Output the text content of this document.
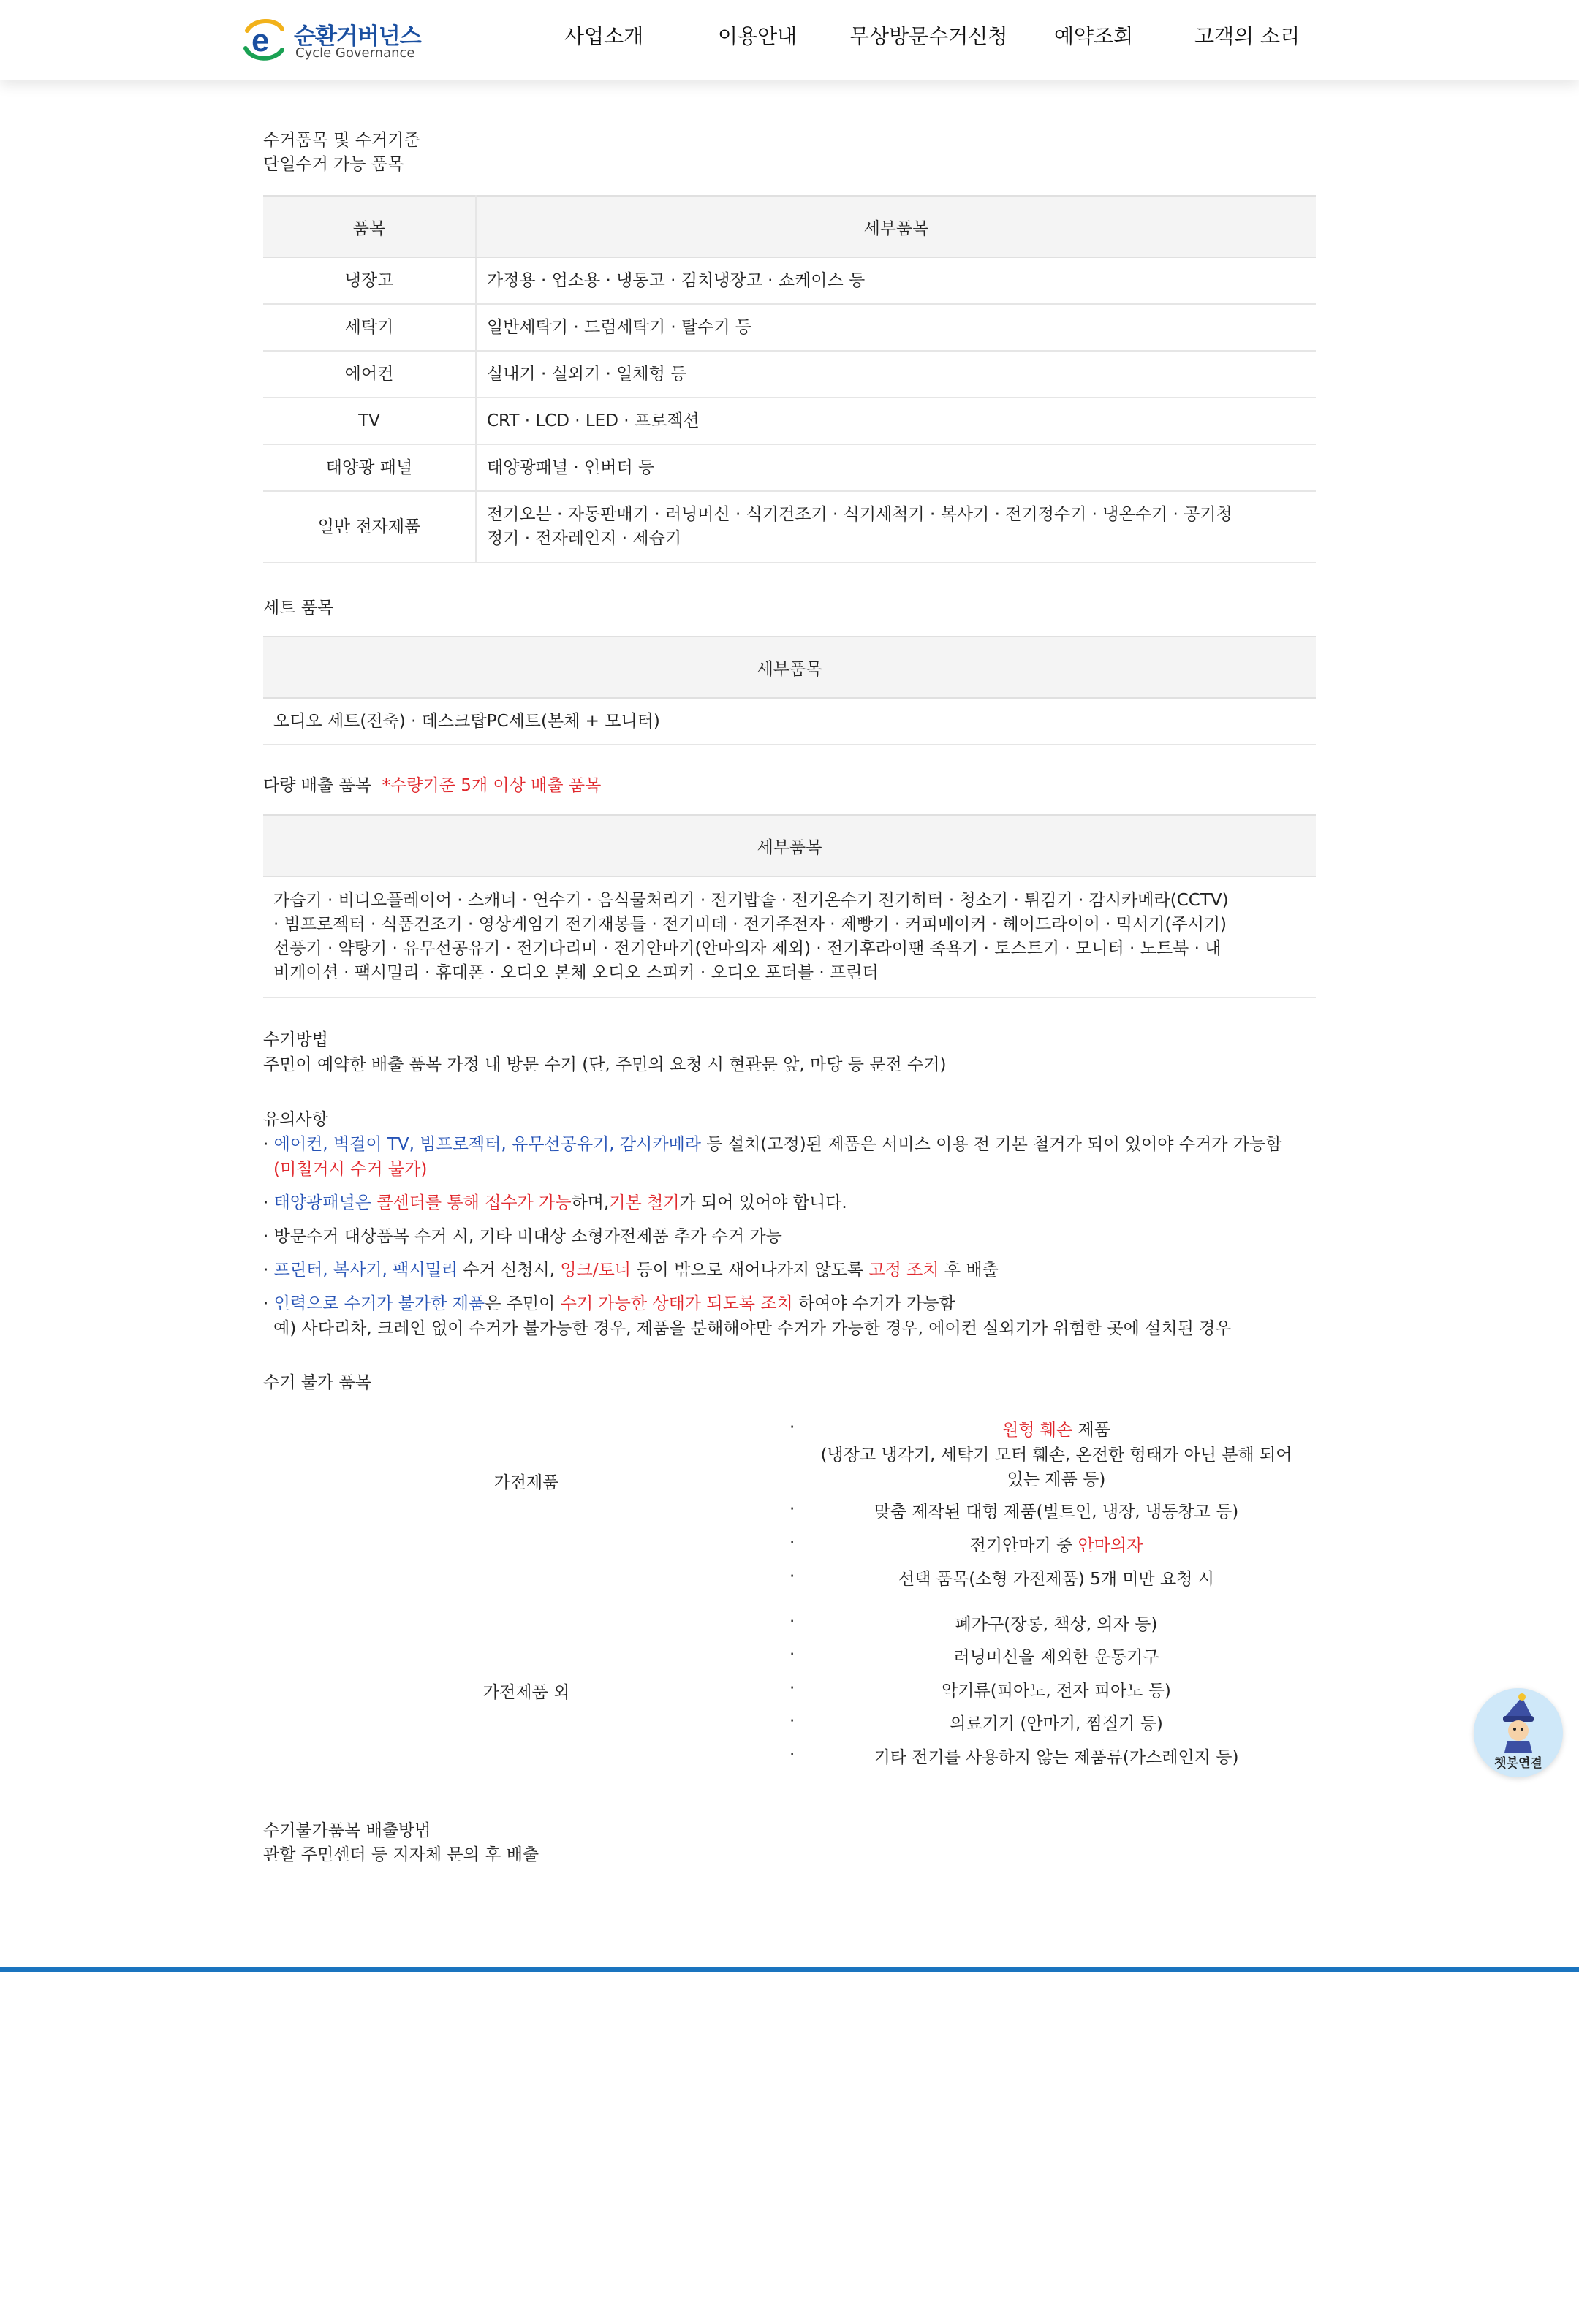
e 순환거버넌스
Cycle Governance
사업소개	이용안내	무상방문수거신청 예약조회	고객의 소리
수거품목 및 수거기준
단일수거 가능 품목
품목	세부품목
냉장고	가정용 · 업소용 · 냉동고 · 김치냉장고 · 쇼케이스 등
세탁기	일반세탁기 · 드럼세탁기 · 탈수기 등
에어컨	실내기 · 실외기 · 일체형 등
TV	CRT · LCD · LED · 프로젝션
태양광 패널	태양광패널 · 인버터 등
일반 전자제품	전기오븐 · 자동판매기 · 러닝머신 · 식기건조기 · 식기세척기 · 복사기 · 전기정수기 · 냉온수기 · 공기청
정기 · 전자레인지 · 제습기
세트 품목
세부품목
오디오 세트(전축) · 데스크탑PC세트(본체 + 모니터)
다량 배출 품목 *수량기준 5개 이상 배출 품목
세부품목

가습기 · 비디오플레이어 · 스캐너 · 연수기 · 음식물처리기 · 전기밥솥 · 전기온수기 전기히터 · 청소기 · 튀김기 · 감시카메라(CCTV)
· 빔프로젝터 · 식품건조기 · 영상게임기 전기재봉틀 · 전기비데 · 전기주전자 · 제빵기 · 커피메이커 · 헤어드라이어 · 믹서기(주서기)
선풍기 · 약탕기 · 유무선공유기 · 전기다리미 · 전기안마기(안마의자 제외) · 전기후라이팬 족욕기 · 토스트기 · 모니터 · 노트북 · 내
비게이션 · 팩시밀리 · 휴대폰 · 오디오 본체 오디오 스피커 · 오디오 포터블 · 프린터
수거방법
주민이 예약한 배출 품목 가정 내 방문 수거 (단, 주민의 요청 시 현관문 앞, 마당 등 문전 수거)
유의사항
· 에어컨, 벽걸이 TV, 빔프로젝터, 유무선공유기, 감시카메라 등 설치(고정)된 제품은 서비스 이용 전 기본 철거가 되어 있어야 수거가 가능함
(미철거시 수거 불가)
· 태양광패널은 콜센터를 통해 접수가 가능하며,기본 철거가 되어 있어야 합니다.
· 방문수거 대상품목 수거 시, 기타 비대상 소형가전제품 추가 수거 가능
· 프린터, 복사기, 팩시밀리 수거 신청시, 잉크/토너 등이 밖으로 새어나가지 않도록 고정 조치 후 배출
· 인력으로 수거가 불가한 제품은 주민이 수거 가능한 상태가 되도록 조치 하여야 수거가 가능함
예) 사다리차, 크레인 없이 수거가 불가능한 경우, 제품을 분해해야만 수거가 가능한 경우, 에어컨 실외기가 위험한 곳에 설치된 경우
수거 불가 품목
가전제품
·	원형 훼손 제품
(냉장고 냉각기, 세탁기 모터 훼손, 온전한 형태가 아닌 분해 되어
있는 제품 등)
·	맞춤 제작된 대형 제품(빌트인, 냉장, 냉동창고 등)
·	전기안마기 중 안마의자
·	선택 품목(소형 가전제품) 5개 미만 요청 시
가전제품 외
·	폐가구(장롱, 책상, 의자 등)
·	러닝머신을 제외한 운동기구
·	악기류(피아노, 전자 피아노 등)
·	의료기기 (안마기, 찜질기 등)
·	기타 전기를 사용하지 않는 제품류(가스레인지 등)
수거불가품목 배출방법
관할 주민센터 등 지자체 문의 후 배출
챗봇연결
